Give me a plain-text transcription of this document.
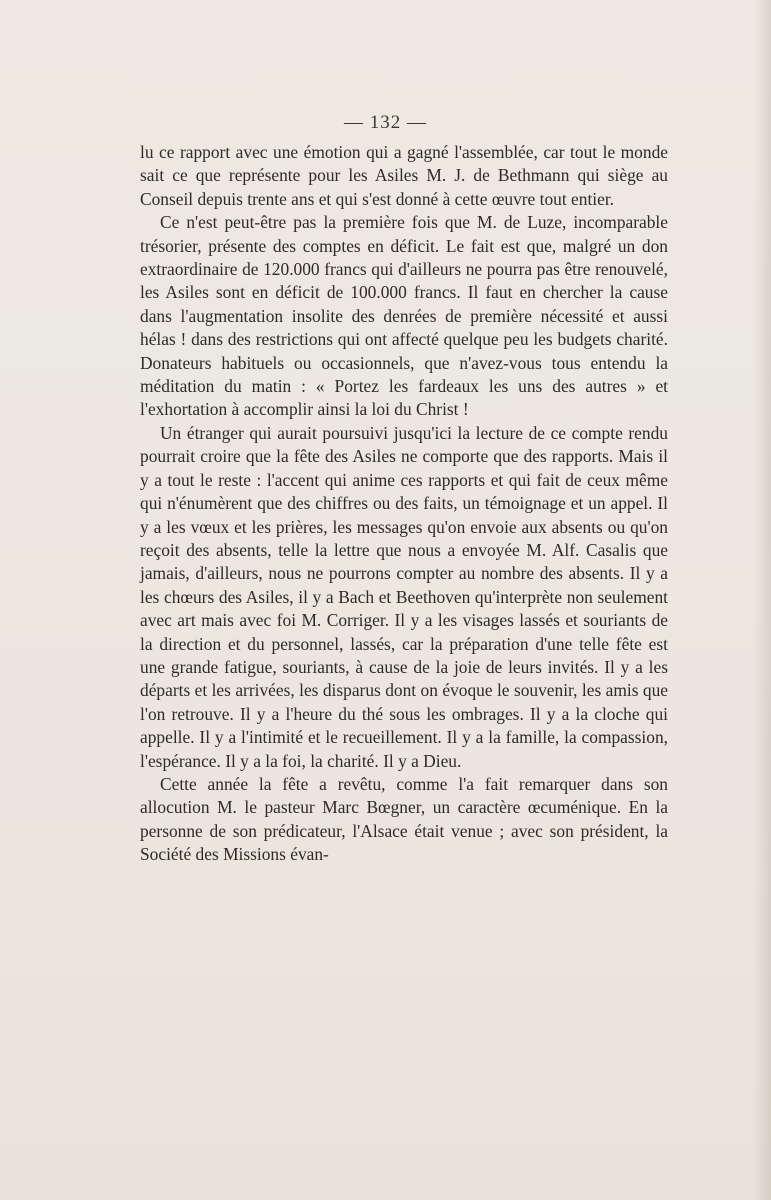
— 132 —

lu ce rapport avec une émotion qui a gagné l'assemblée, car tout le monde sait ce que représente pour les Asiles M. J. de Bethmann qui siège au Conseil depuis trente ans et qui s'est donné à cette œuvre tout entier.

Ce n'est peut-être pas la première fois que M. de Luze, incomparable trésorier, présente des comptes en déficit. Le fait est que, malgré un don extraordinaire de 120.000 francs qui d'ailleurs ne pourra pas être renouvelé, les Asiles sont en déficit de 100.000 francs. Il faut en chercher la cause dans l'augmentation insolite des denrées de première nécessité et aussi hélas ! dans des restrictions qui ont affecté quelque peu les budgets charité. Donateurs habituels ou occasionnels, que n'avez-vous tous entendu la méditation du matin : « Portez les fardeaux les uns des autres » et l'exhortation à accomplir ainsi la loi du Christ !

Un étranger qui aurait poursuivi jusqu'ici la lecture de ce compte rendu pourrait croire que la fête des Asiles ne comporte que des rapports. Mais il y a tout le reste : l'accent qui anime ces rapports et qui fait de ceux même qui n'énumèrent que des chiffres ou des faits, un témoignage et un appel. Il y a les vœux et les prières, les messages qu'on envoie aux absents ou qu'on reçoit des absents, telle la lettre que nous a envoyée M. Alf. Casalis que jamais, d'ailleurs, nous ne pourrons compter au nombre des absents. Il y a les chœurs des Asiles, il y a Bach et Beethoven qu'interprète non seulement avec art mais avec foi M. Corriger. Il y a les visages lassés et souriants de la direction et du personnel, lassés, car la préparation d'une telle fête est une grande fatigue, souriants, à cause de la joie de leurs invités. Il y a les départs et les arrivées, les disparus dont on évoque le souvenir, les amis que l'on retrouve. Il y a l'heure du thé sous les ombrages. Il y a la cloche qui appelle. Il y a l'intimité et le recueillement. Il y a la famille, la compassion, l'espérance. Il y a la foi, la charité. Il y a Dieu.

Cette année la fête a revêtu, comme l'a fait remarquer dans son allocution M. le pasteur Marc Bœgner, un caractère œcuménique. En la personne de son prédicateur, l'Alsace était venue ; avec son président, la Société des Missions évan-
